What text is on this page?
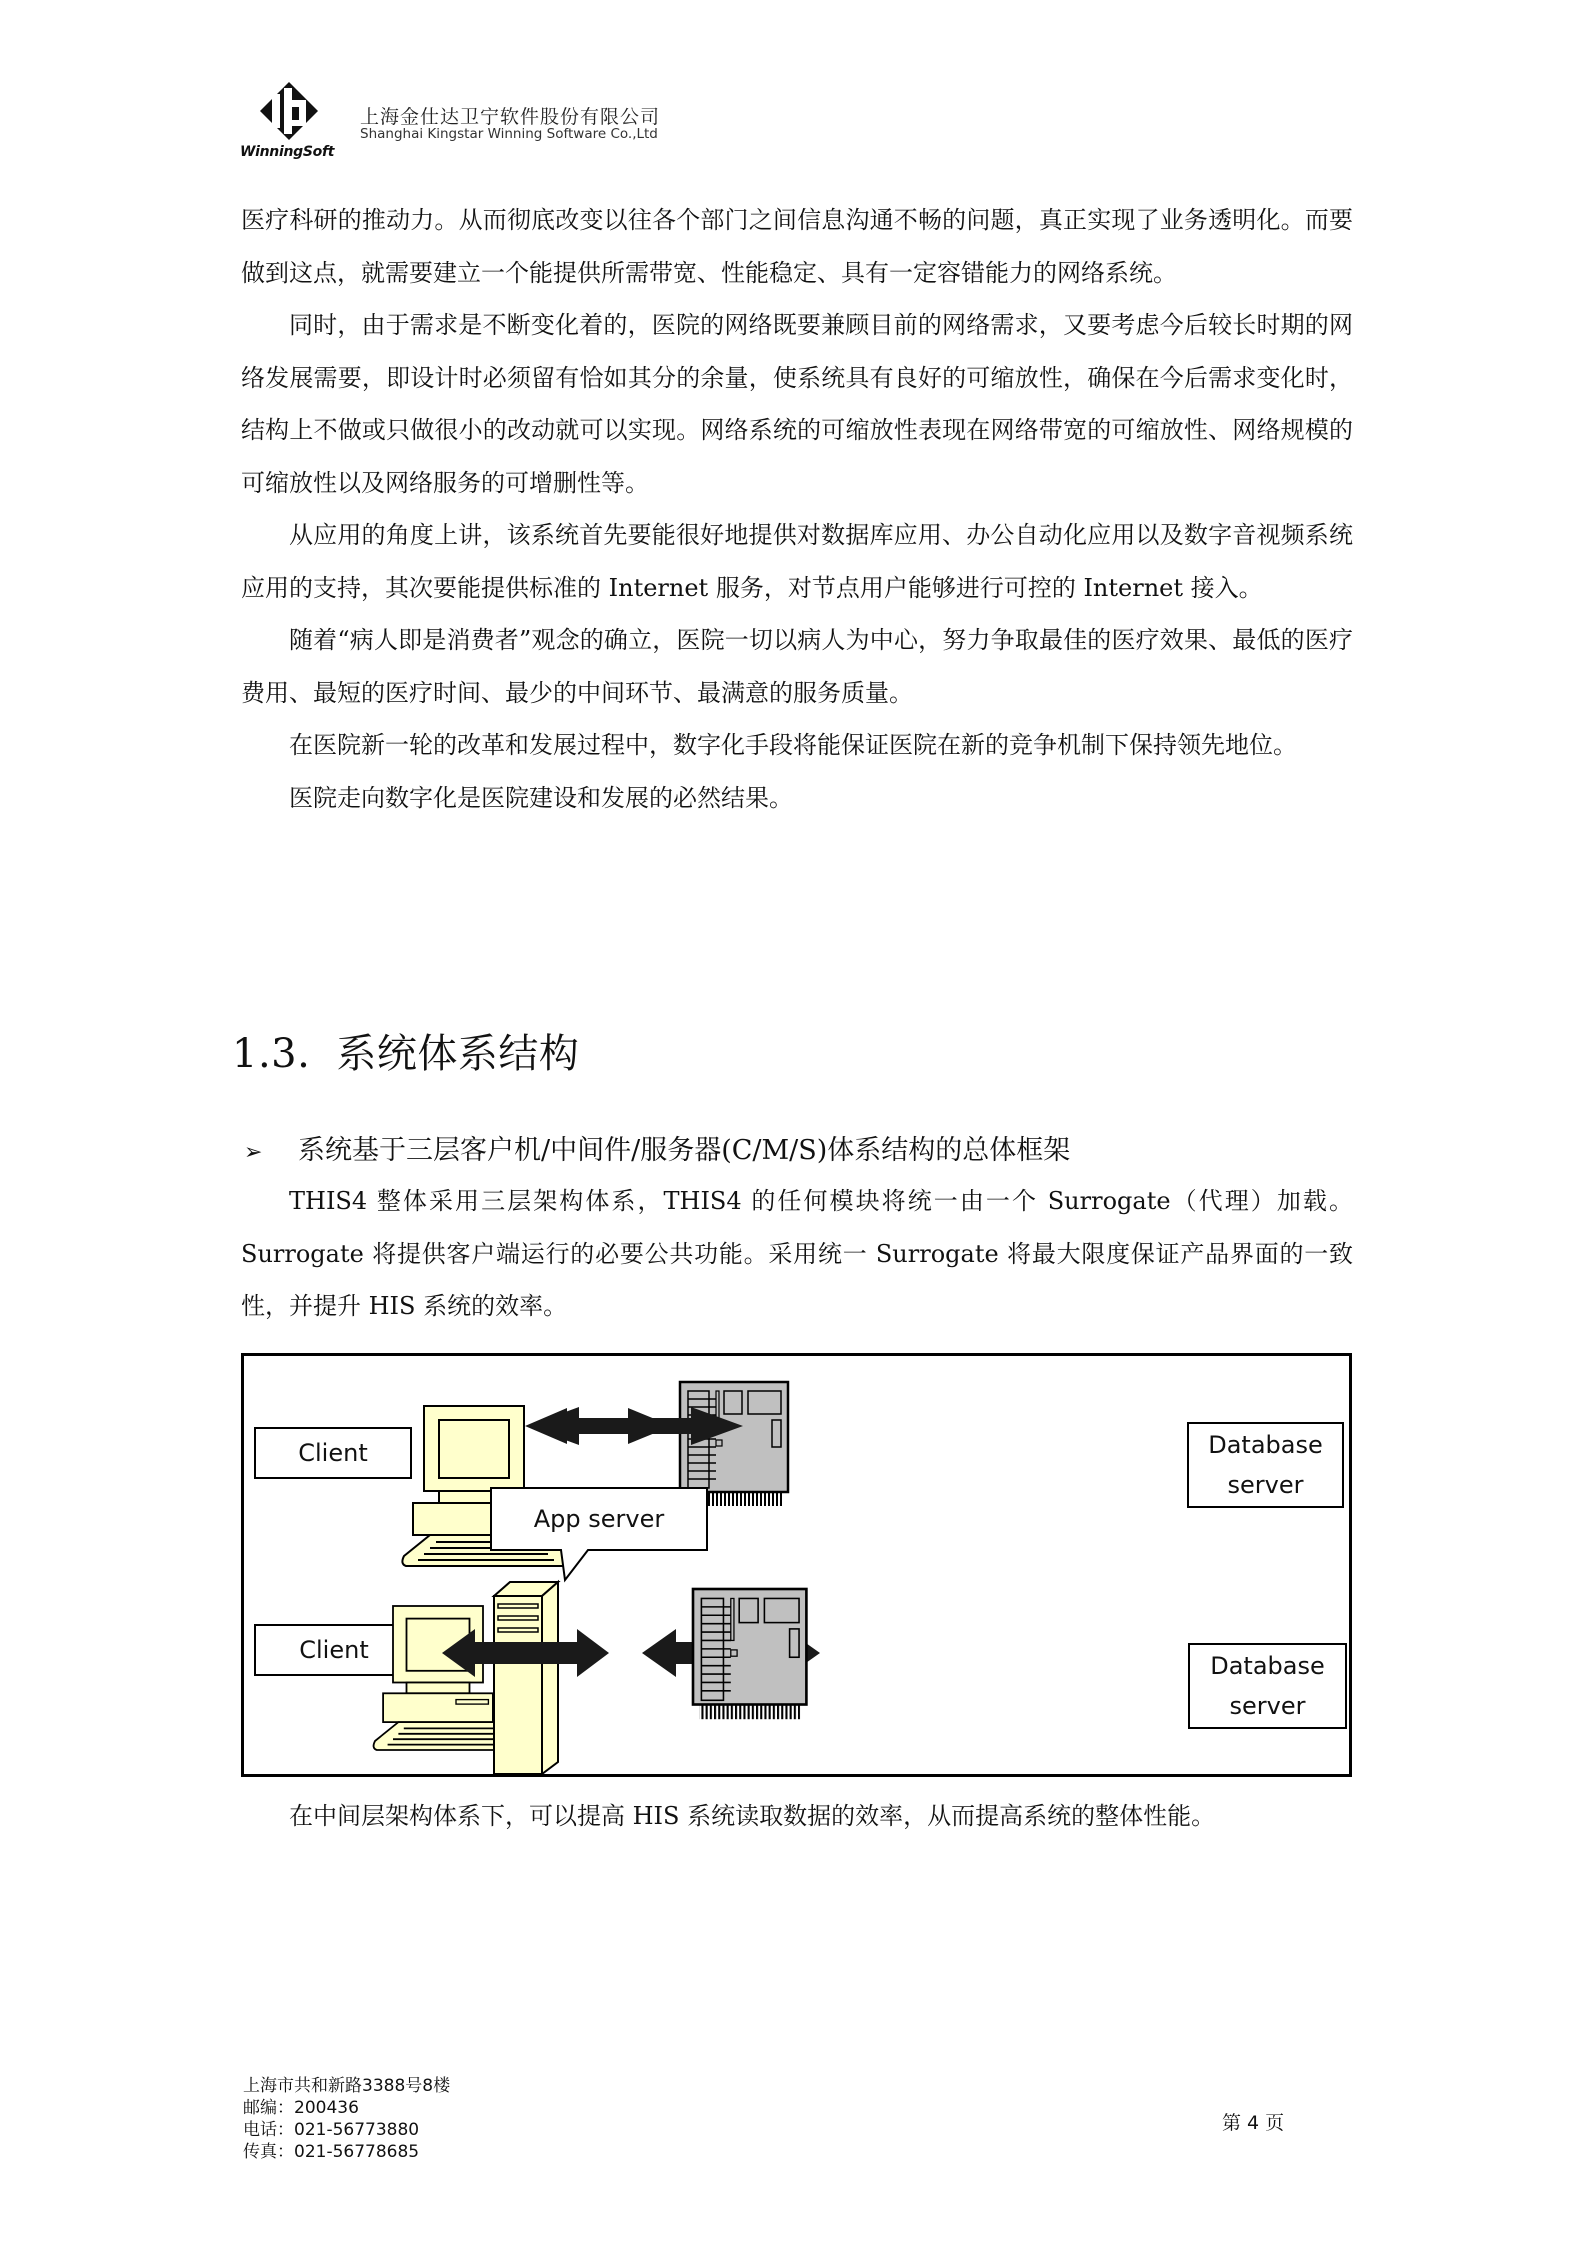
WinningSoft
上海金仕达卫宁软件股份有限公司
Shanghai Kingstar Winning Software Co.,Ltd

医疗科研的推动力。从而彻底改变以往各个部门之间信息沟通不畅的问题，真正实现了业务透明化。而要做到这点，就需要建立一个能提供所需带宽、性能稳定、具有一定容错能力的网络系统。

同时，由于需求是不断变化着的，医院的网络既要兼顾目前的网络需求，又要考虑今后较长时期的网络发展需要，即设计时必须留有恰如其分的余量，使系统具有良好的可缩放性，确保在今后需求变化时，结构上不做或只做很小的改动就可以实现。网络系统的可缩放性表现在网络带宽的可缩放性、网络规模的可缩放性以及网络服务的可增删性等。

从应用的角度上讲，该系统首先要能很好地提供对数据库应用、办公自动化应用以及数字音视频系统应用的支持，其次要能提供标准的 Internet 服务，对节点用户能够进行可控的 Internet 接入。

随着“病人即是消费者”观念的确立，医院一切以病人为中心，努力争取最佳的医疗效果、最低的医疗费用、最短的医疗时间、最少的中间环节、最满意的服务质量。

在医院新一轮的改革和发展过程中，数字化手段将能保证医院在新的竞争机制下保持领先地位。

医院走向数字化是医院建设和发展的必然结果。

1.3. 系统体系结构
➢ 系统基于三层客户机/中间件/服务器(C/M/S)体系结构的总体框架

THIS4 整体采用三层架构体系，THIS4 的任何模块将统一由一个 Surrogate（代理）加载。Surrogate 将提供客户端运行的必要公共功能。采用统一 Surrogate 将最大限度保证产品界面的一致性，并提升 HIS 系统的效率。

Client
Client
Database
server
Database
server
App server

在中间层架构体系下，可以提高 HIS 系统读取数据的效率，从而提高系统的整体性能。

上海市共和新路3388号8楼
邮编：200436
电话：021-56773880
传真：021-56778685
第 4 页
